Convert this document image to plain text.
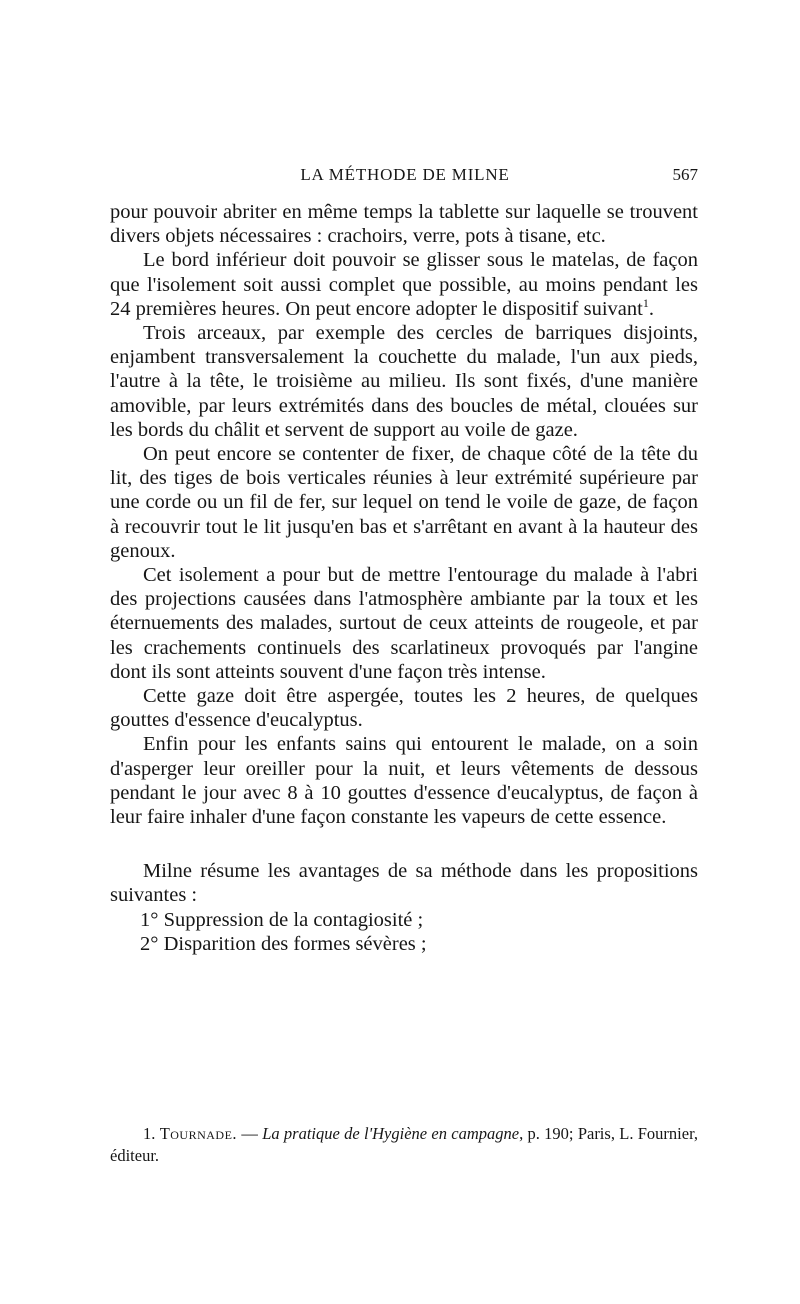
LA MÉTHODE DE MILNE	567

pour pouvoir abriter en même temps la tablette sur laquelle se trouvent divers objets nécessaires : crachoirs, verre, pots à tisane, etc.

Le bord inférieur doit pouvoir se glisser sous le matelas, de façon que l'isolement soit aussi complet que possible, au moins pendant les 24 premières heures. On peut encore adopter le dispositif suivant$^1$.

Trois arceaux, par exemple des cercles de barriques disjoints, enjambent transversalement la couchette du malade, l'un aux pieds, l'autre à la tête, le troisième au milieu. Ils sont fixés, d'une manière amovible, par leurs extrémités dans des boucles de métal, clouées sur les bords du châlit et servent de support au voile de gaze.

On peut encore se contenter de fixer, de chaque côté de la tête du lit, des tiges de bois verticales réunies à leur extrémité supérieure par une corde ou un fil de fer, sur lequel on tend le voile de gaze, de façon à recouvrir tout le lit jusqu'en bas et s'arrêtant en avant à la hauteur des genoux.

Cet isolement a pour but de mettre l'entourage du malade à l'abri des projections causées dans l'atmosphère ambiante par la toux et les éternuements des malades, surtout de ceux atteints de rougeole, et par les crachements continuels des scarlatineux provoqués par l'angine dont ils sont atteints souvent d'une façon très intense.

Cette gaze doit être aspergée, toutes les 2 heures, de quelques gouttes d'essence d'eucalyptus.

Enfin pour les enfants sains qui entourent le malade, on a soin d'asperger leur oreiller pour la nuit, et leurs vêtements de dessous pendant le jour avec 8 à 10 gouttes d'essence d'eucalyptus, de façon à leur faire inhaler d'une façon constante les vapeurs de cette essence.

Milne résume les avantages de sa méthode dans les propositions suivantes :

1° Suppression de la contagiosité ;

2° Disparition des formes sévères ;

1. Tournade. — La pratique de l'Hygiène en campagne, p. 190; Paris, L. Fournier, éditeur.
